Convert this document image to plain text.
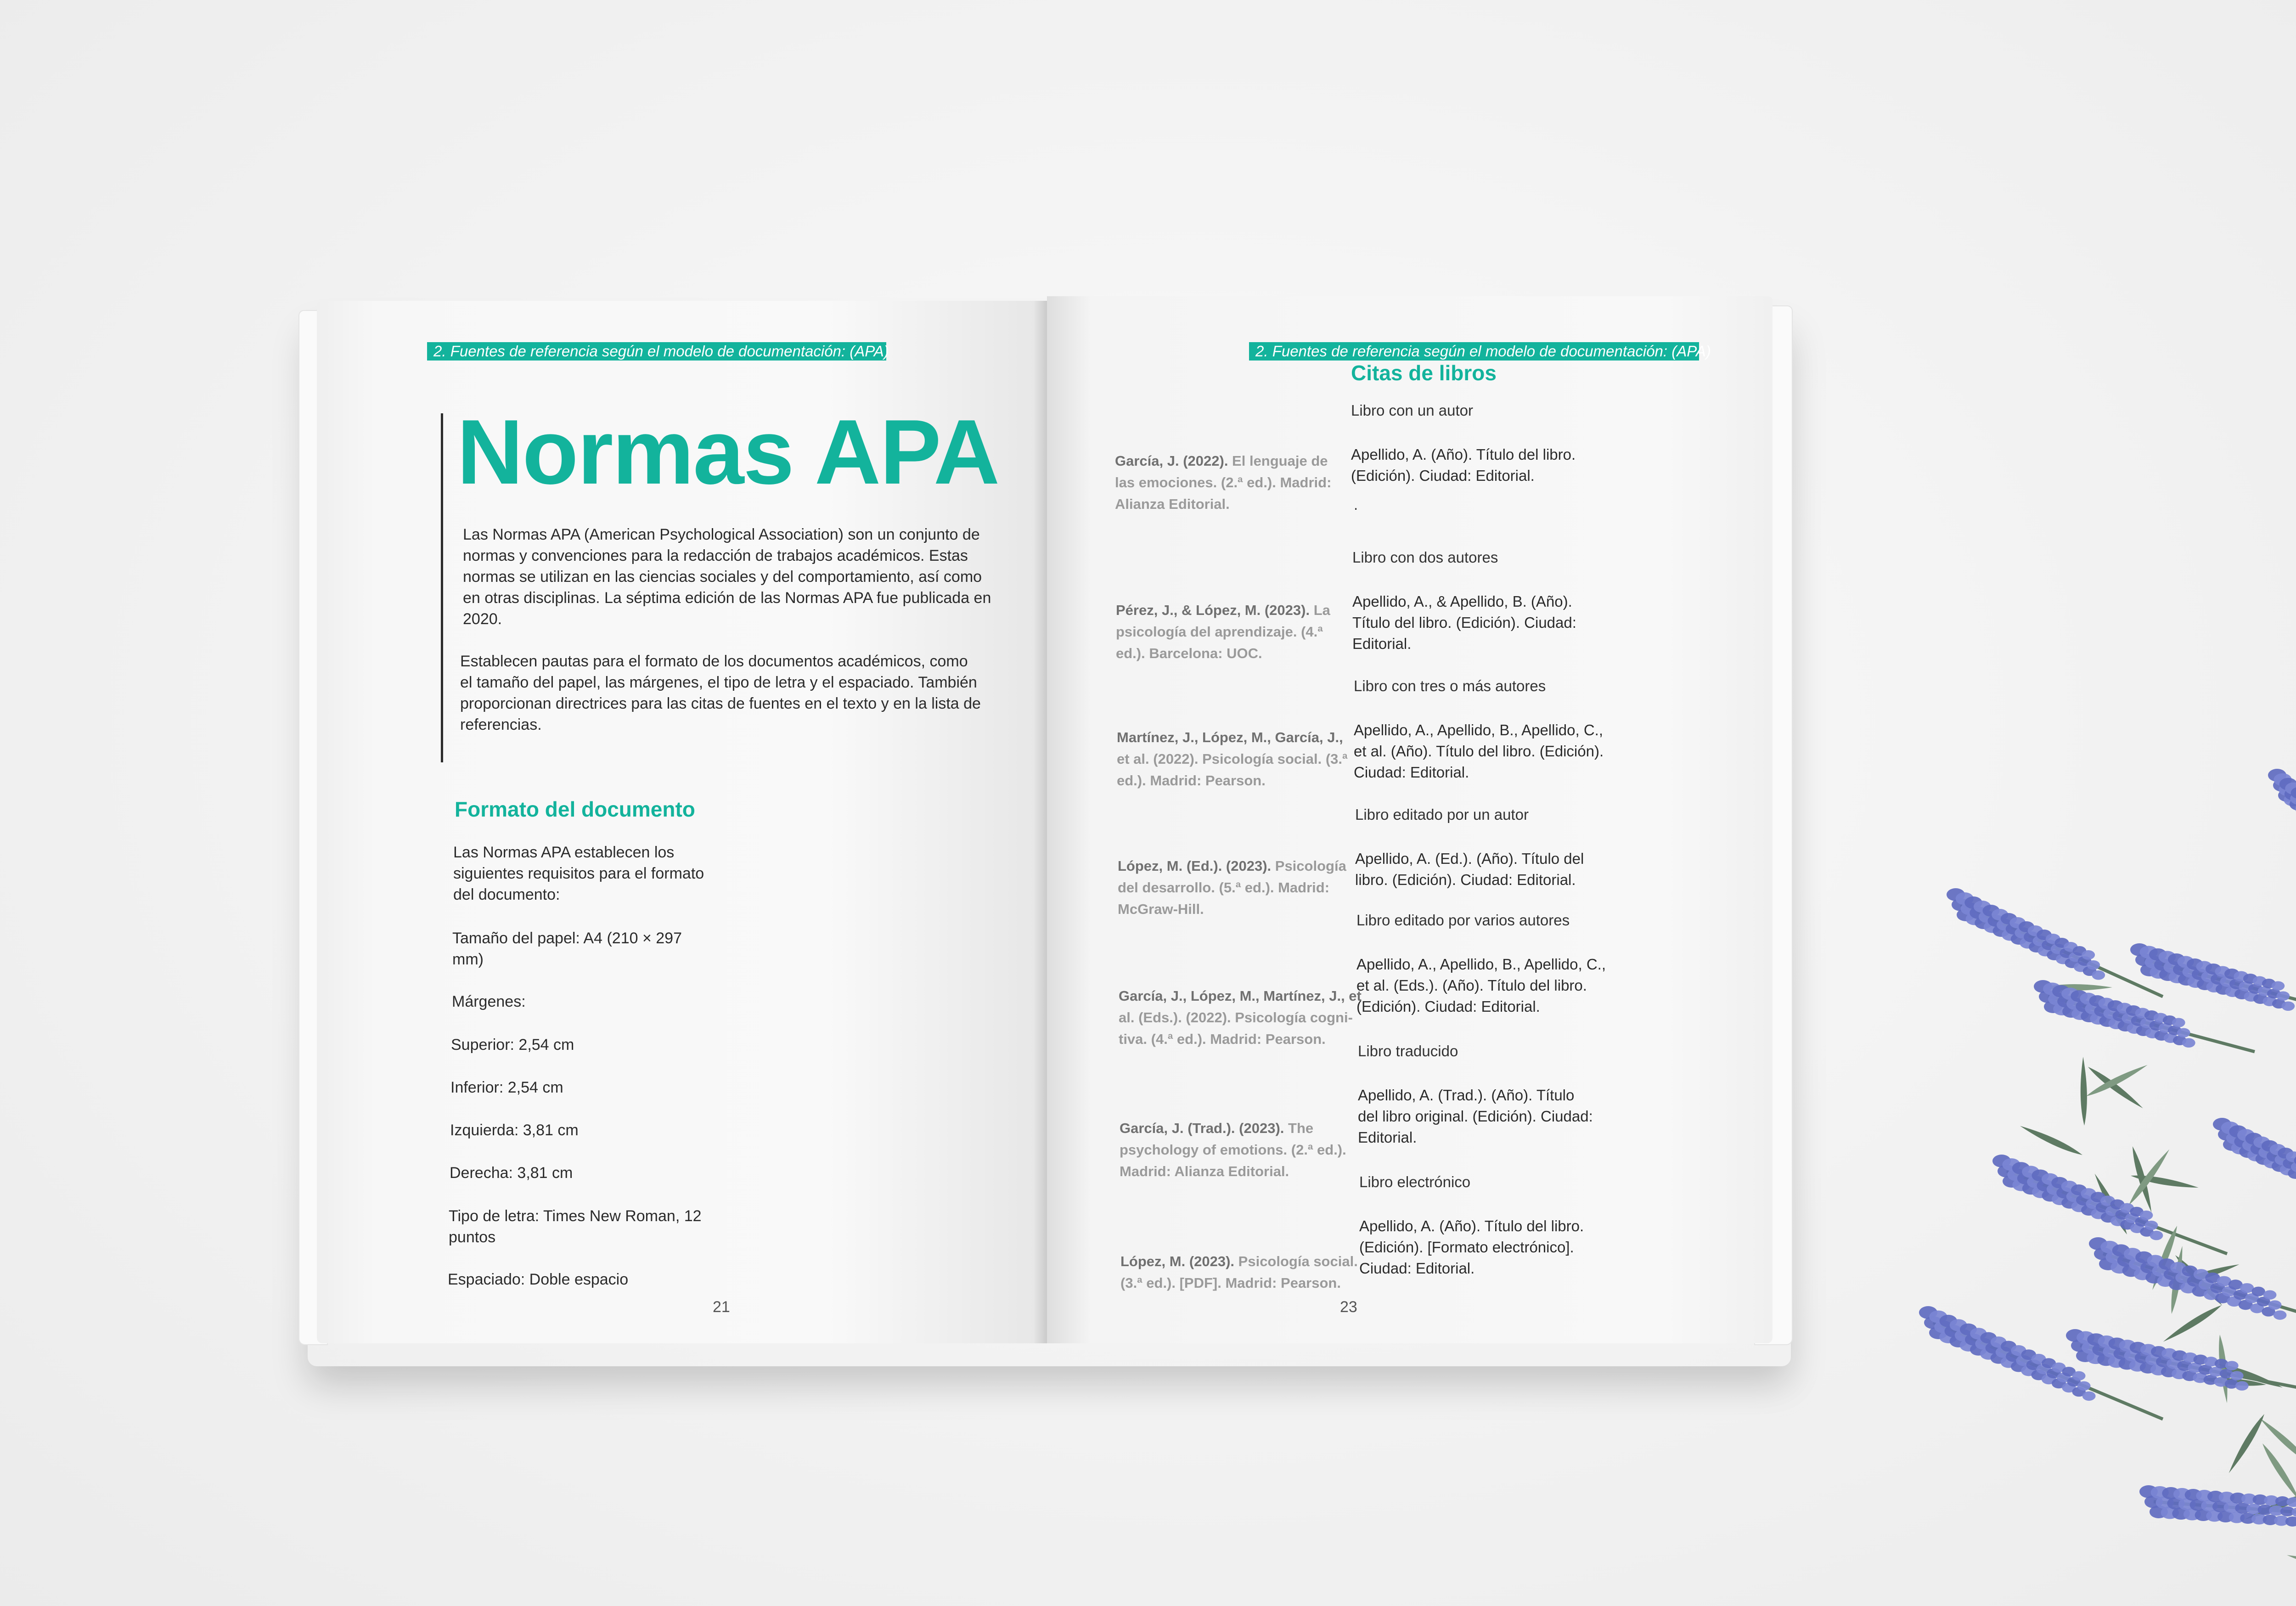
2. Fuentes de referencia según el modelo de documentación: (APA)
Normas APA
Las Normas APA (American Psychological Association) son un conjunto de
normas y convenciones para la redacción de trabajos académicos. Estas
normas se utilizan en las ciencias sociales y del comportamiento, así como
en otras disciplinas. La séptima edición de las Normas APA fue publicada en
2020.
Establecen pautas para el formato de los documentos académicos, como
el tamaño del papel, las márgenes, el tipo de letra y el espaciado. También
proporcionan directrices para las citas de fuentes en el texto y en la lista de
referencias.
Formato del documento
Las Normas APA establecen los
siguientes requisitos para el formato
del documento:
Tamaño del papel: A4 (210 × 297
mm)
Márgenes:
Superior: 2,54 cm
Inferior: 2,54 cm
Izquierda: 3,81 cm
Derecha: 3,81 cm
Tipo de letra: Times New Roman, 12
puntos
Espaciado: Doble espacio
21
2. Fuentes de referencia según el modelo de documentación: (APA)
Citas de libros
García, J. (2022). El lenguaje de
las emociones. (2.ª ed.). Madrid:
Alianza Editorial.
Pérez, J., & López, M. (2023). La
psicología del aprendizaje. (4.ª
ed.). Barcelona: UOC.
Martínez, J., López, M., García, J.,
et al. (2022). Psicología social. (3.ª
ed.). Madrid: Pearson.
López, M. (Ed.). (2023). Psicología
del desarrollo. (5.ª ed.). Madrid:
McGraw-Hill.
García, J., López, M., Martínez, J., et
al. (Eds.). (2022). Psicología cogni-
tiva. (4.ª ed.). Madrid: Pearson.
García, J. (Trad.). (2023). The
psychology of emotions. (2.ª ed.).
Madrid: Alianza Editorial.
López, M. (2023). Psicología social.
(3.ª ed.). [PDF]. Madrid: Pearson.
Libro con un autor
Apellido, A. (Año). Título del libro.
(Edición). Ciudad: Editorial.
Libro con dos autores
Apellido, A., & Apellido, B. (Año).
Título del libro. (Edición). Ciudad:
Editorial.
Libro con tres o más autores
Apellido, A., Apellido, B., Apellido, C.,
et al. (Año). Título del libro. (Edición).
Ciudad: Editorial.
Libro editado por un autor
Apellido, A. (Ed.). (Año). Título del
libro. (Edición). Ciudad: Editorial.
Libro editado por varios autores
Apellido, A., Apellido, B., Apellido, C.,
et al. (Eds.). (Año). Título del libro.
(Edición). Ciudad: Editorial.
Libro traducido
Apellido, A. (Trad.). (Año). Título
del libro original. (Edición). Ciudad:
Editorial.
Libro electrónico
Apellido, A. (Año). Título del libro.
(Edición). [Formato electrónico].
Ciudad: Editorial.
.
23
